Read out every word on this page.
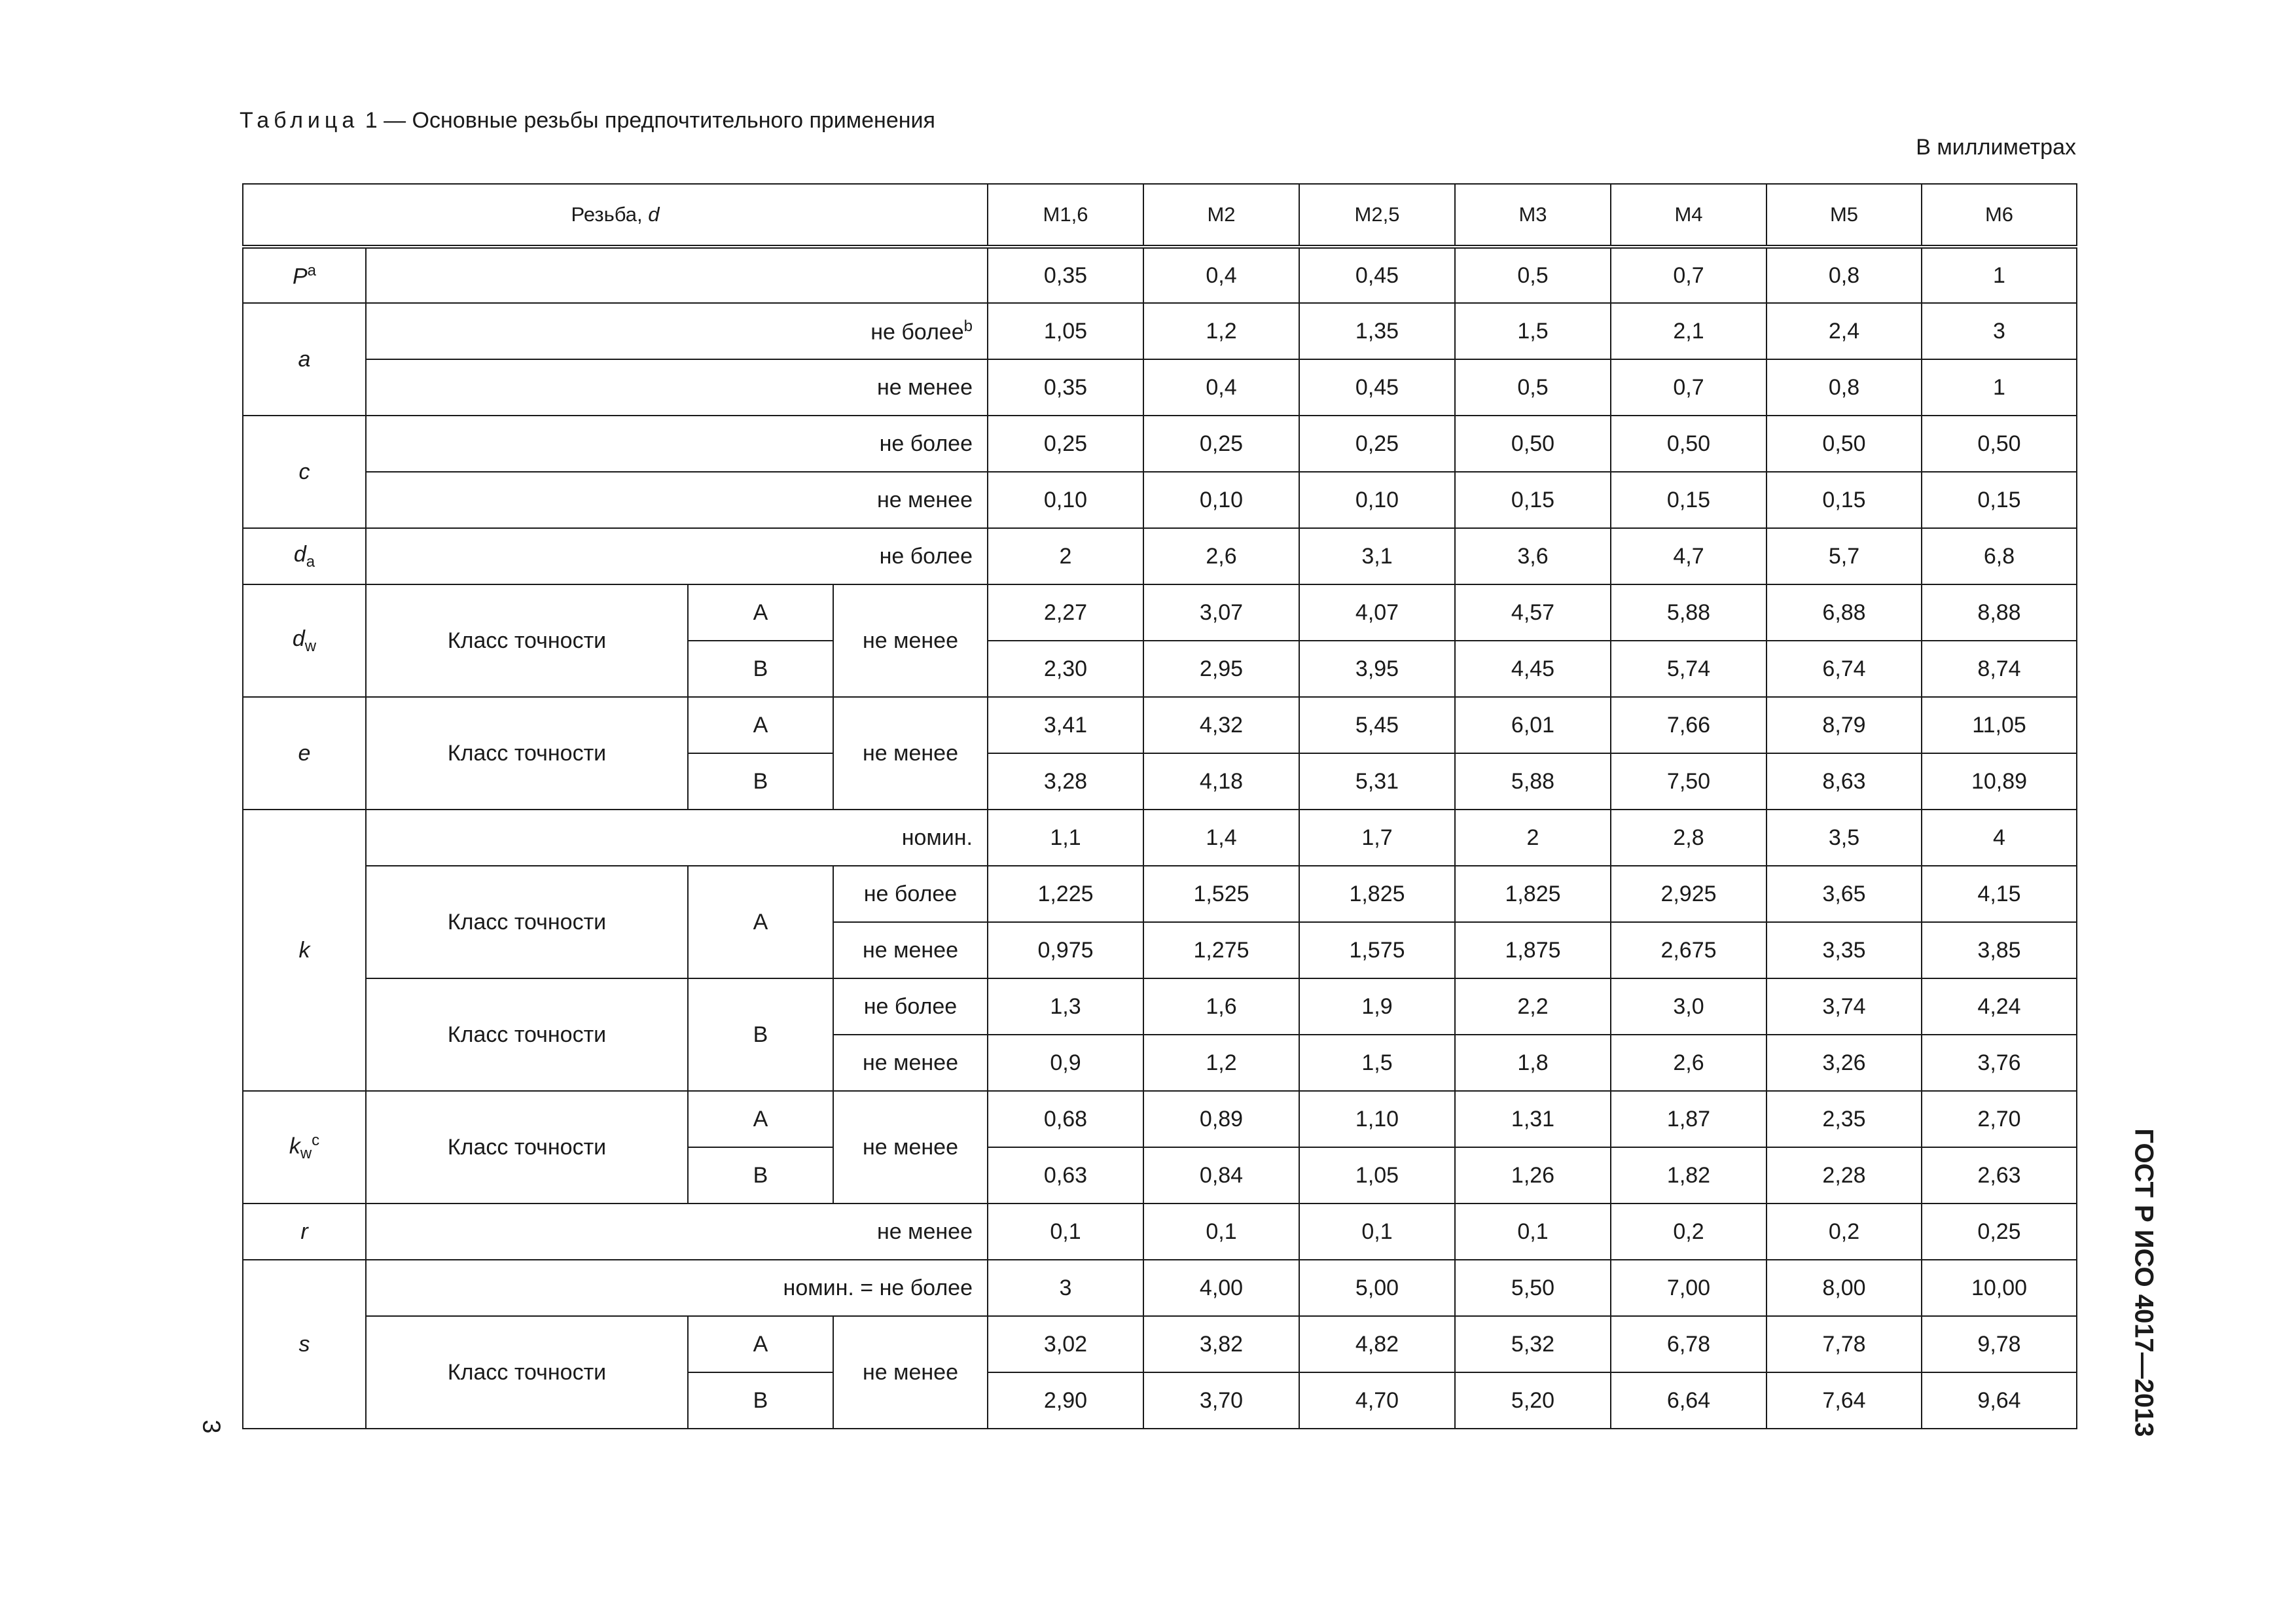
Таблица 1 — Основные резьбы предпочтительного применения
В миллиметрах
Резьба, d				M1,6	M2	M2,5	M3	M4	M5	M6
$P^a$				0,35	0,4	0,45	0,5	0,7	0,8	1
a	не более$^b$			1,05	1,2	1,35	1,5	2,1	2,4	3
	не менее			0,35	0,4	0,45	0,5	0,7	0,8	1
c	не более			0,25	0,25	0,25	0,50	0,50	0,50	0,50
	не менее			0,10	0,10	0,10	0,15	0,15	0,15	0,15
$d_a$	не более			2	2,6	3,1	3,6	4,7	5,7	6,8
$d_w$	Класс точности	A	не менее	2,27	3,07	4,07	4,57	5,88	6,88	8,88
		B		2,30	2,95	3,95	4,45	5,74	6,74	8,74
e	Класс точности	A	не менее	3,41	4,32	5,45	6,01	7,66	8,79	11,05
		B		3,28	4,18	5,31	5,88	7,50	8,63	10,89
k	номин.			1,1	1,4	1,7	2	2,8	3,5	4
	Класс точности	A	не более	1,225	1,525	1,825	1,825	2,925	3,65	4,15
			не менее	0,975	1,275	1,575	1,875	2,675	3,35	3,85
	Класс точности	B	не более	1,3	1,6	1,9	2,2	3,0	3,74	4,24
			не менее	0,9	1,2	1,5	1,8	2,6	3,26	3,76
$k_w^c$	Класс точности	A	не менее	0,68	0,89	1,10	1,31	1,87	2,35	2,70
		B		0,63	0,84	1,05	1,26	1,82	2,28	2,63
r	не менее			0,1	0,1	0,1	0,1	0,2	0,2	0,25
s	номин. = не более			3	4,00	5,00	5,50	7,00	8,00	10,00
	Класс точности	A	не менее	3,02	3,82	4,82	5,32	6,78	7,78	9,78
		B		2,90	3,70	4,70	5,20	6,64	7,64	9,64	ГОСТ Р ИСО 4017—2013
3
